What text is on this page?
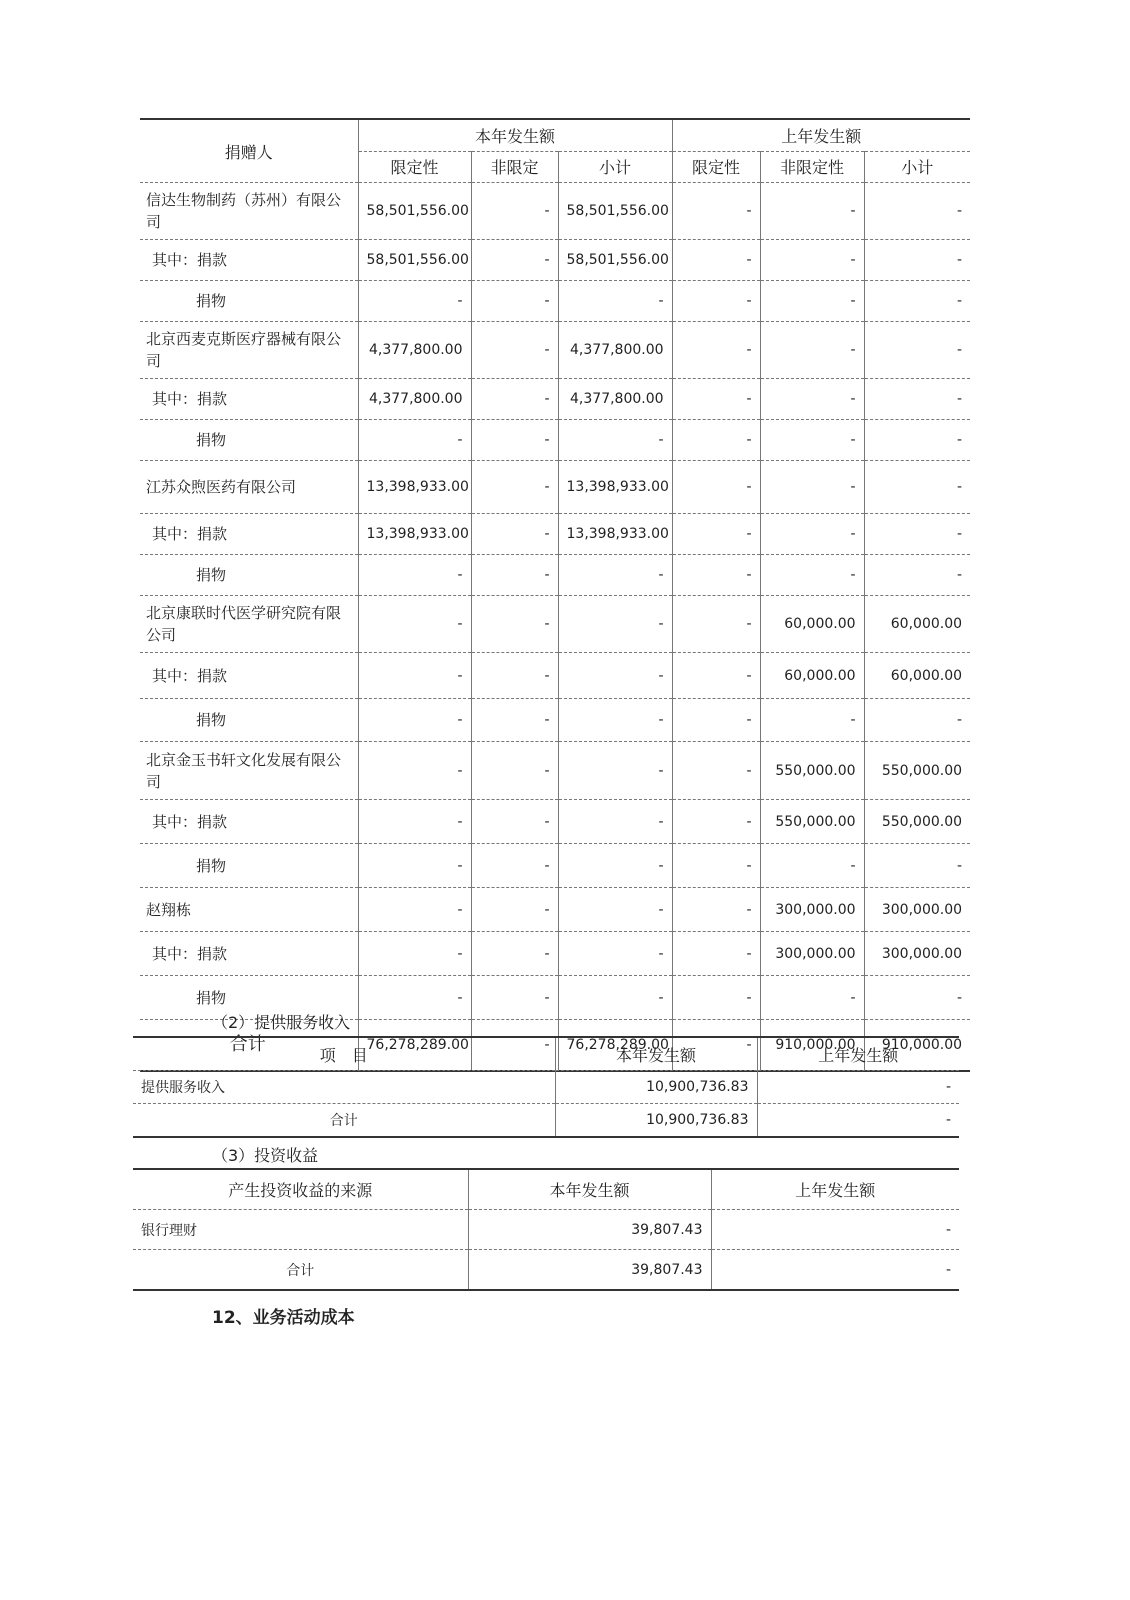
捐赠人	本年发生额			上年发生额		
	限定性	非限定	小计	限定性	非限定性	小计
信达生物制药（苏州）有限公司	58,501,556.00	-	58,501,556.00	-	-	-
其中：捐款	58,501,556.00	-	58,501,556.00	-	-	-
捐物	-	-	-	-	-	-
北京西麦克斯医疗器械有限公司	4,377,800.00	-	4,377,800.00	-	-	-
其中：捐款	4,377,800.00	-	4,377,800.00	-	-	-
捐物	-	-	-	-	-	-
江苏众煦医药有限公司	13,398,933.00	-	13,398,933.00	-	-	-
其中：捐款	13,398,933.00	-	13,398,933.00	-	-	-
捐物	-	-	-	-	-	-
北京康联时代医学研究院有限公司	-	-	-	-	60,000.00	60,000.00
其中：捐款	-	-	-	-	60,000.00	60,000.00
捐物	-	-	-	-	-	-
北京金玉书轩文化发展有限公司	-	-	-	-	550,000.00	550,000.00
其中：捐款	-	-	-	-	550,000.00	550,000.00
捐物	-	-	-	-	-	-
赵翔栋	-	-	-	-	300,000.00	300,000.00
其中：捐款	-	-	-	-	300,000.00	300,000.00
捐物	-	-	-	-	-	-
合计	76,278,289.00	-	76,278,289.00	-	910,000.00	910,000.00
（2）提供服务收入
项　目	本年发生额	上年发生额
提供服务收入	10,900,736.83	-
合计	10,900,736.83	-
（3）投资收益
产生投资收益的来源	本年发生额	上年发生额
银行理财	39,807.43	-
合计	39,807.43	-
12、业务活动成本
